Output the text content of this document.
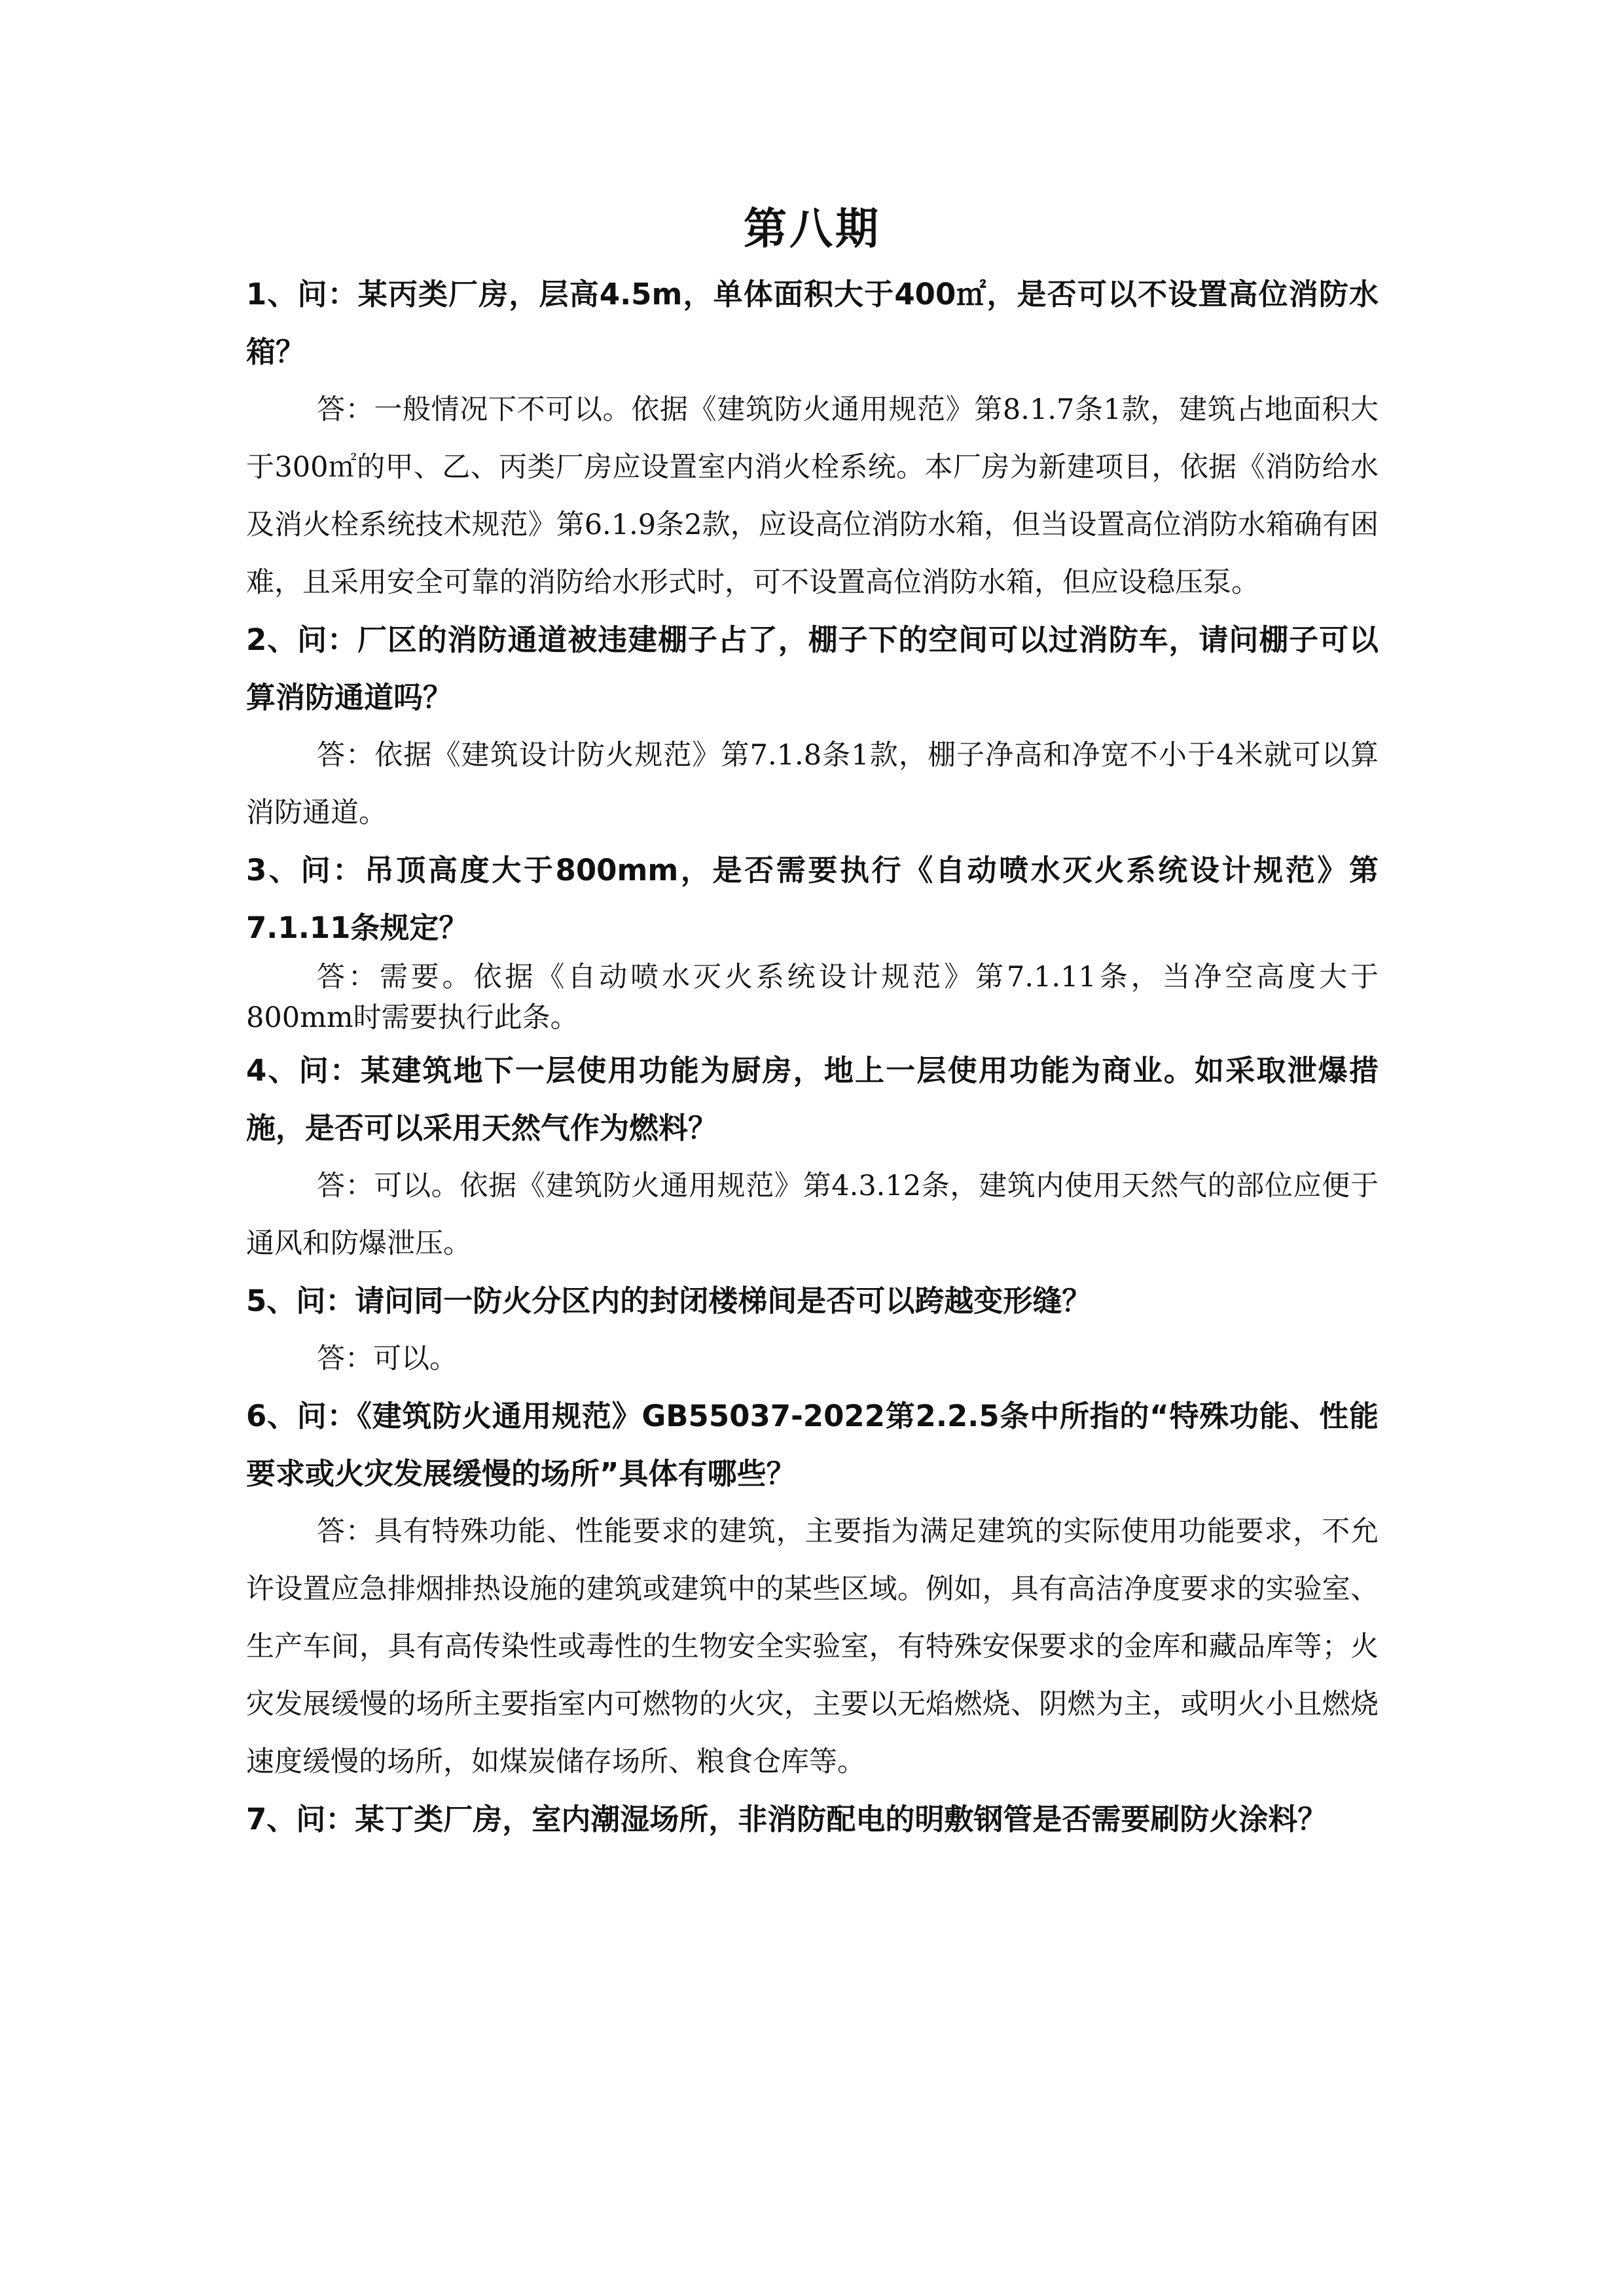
第八期

1、问：某丙类厂房，层高4.5m，单体面积大于400㎡，是否可以不设置高位消防水箱？

答：一般情况下不可以。依据《建筑防火通用规范》第8.1.7条1款，建筑占地面积大于300㎡的甲、乙、丙类厂房应设置室内消火栓系统。本厂房为新建项目，依据《消防给水及消火栓系统技术规范》第6.1.9条2款，应设高位消防水箱，但当设置高位消防水箱确有困难，且采用安全可靠的消防给水形式时，可不设置高位消防水箱，但应设稳压泵。

2、问：厂区的消防通道被违建棚子占了，棚子下的空间可以过消防车，请问棚子可以算消防通道吗？

答：依据《建筑设计防火规范》第7.1.8条1款，棚子净高和净宽不小于4米就可以算消防通道。

3、问：吊顶高度大于800mm，是否需要执行《自动喷水灭火系统设计规范》第7.1.11条规定？

答：需要。依据《自动喷水灭火系统设计规范》第7.1.11条，当净空高度大于800mm时需要执行此条。

4、问：某建筑地下一层使用功能为厨房，地上一层使用功能为商业。如采取泄爆措施，是否可以采用天然气作为燃料？

答：可以。依据《建筑防火通用规范》第4.3.12条，建筑内使用天然气的部位应便于通风和防爆泄压。

5、问：请问同一防火分区内的封闭楼梯间是否可以跨越变形缝？

答：可以。

6、问：《建筑防火通用规范》GB55037-2022第2.2.5条中所指的“特殊功能、性能要求或火灾发展缓慢的场所”具体有哪些？

答：具有特殊功能、性能要求的建筑，主要指为满足建筑的实际使用功能要求，不允许设置应急排烟排热设施的建筑或建筑中的某些区域。例如，具有高洁净度要求的实验室、生产车间，具有高传染性或毒性的生物安全实验室，有特殊安保要求的金库和藏品库等；火灾发展缓慢的场所主要指室内可燃物的火灾，主要以无焰燃烧、阴燃为主，或明火小且燃烧速度缓慢的场所，如煤炭储存场所、粮食仓库等。

7、问：某丁类厂房，室内潮湿场所，非消防配电的明敷钢管是否需要刷防火涂料？
